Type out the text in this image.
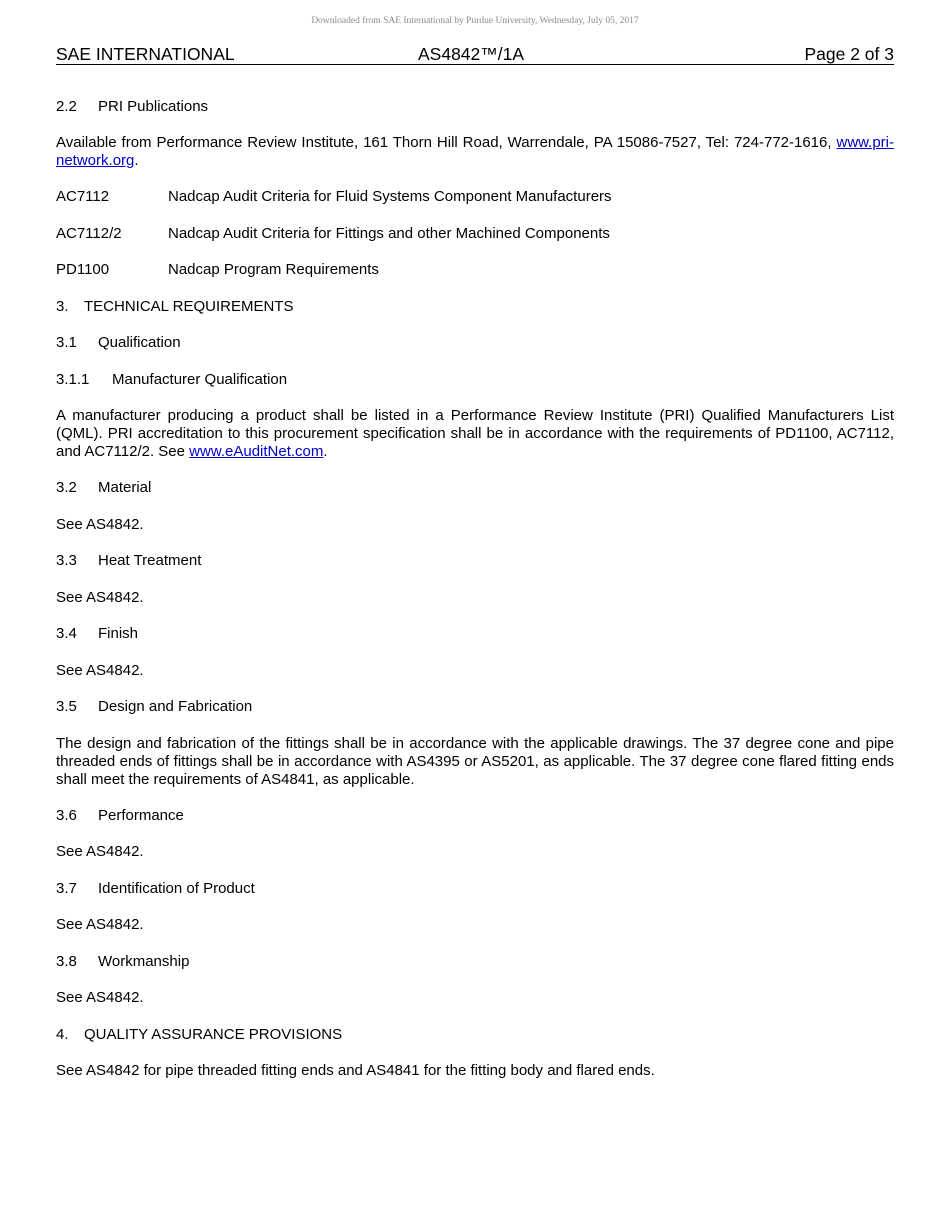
Downloaded from SAE International by Purdue University, Wednesday, July 05, 2017
SAE INTERNATIONAL	AS4842™/1A	Page 2 of 3
2.2 PRI Publications
Available from Performance Review Institute, 161 Thorn Hill Road, Warrendale, PA 15086-7527, Tel: 724-772-1616, www.pri-network.org.
AC7112	Nadcap Audit Criteria for Fluid Systems Component Manufacturers
AC7112/2	Nadcap Audit Criteria for Fittings and other Machined Components
PD1100	Nadcap Program Requirements
3. TECHNICAL REQUIREMENTS
3.1 Qualification
3.1.1 Manufacturer Qualification
A manufacturer producing a product shall be listed in a Performance Review Institute (PRI) Qualified Manufacturers List (QML). PRI accreditation to this procurement specification shall be in accordance with the requirements of PD1100, AC7112, and AC7112/2. See www.eAuditNet.com.
3.2 Material
See AS4842.
3.3 Heat Treatment
See AS4842.
3.4 Finish
See AS4842.
3.5 Design and Fabrication
The design and fabrication of the fittings shall be in accordance with the applicable drawings. The 37 degree cone and pipe threaded ends of fittings shall be in accordance with AS4395 or AS5201, as applicable. The 37 degree cone flared fitting ends shall meet the requirements of AS4841, as applicable.
3.6 Performance
See AS4842.
3.7 Identification of Product
See AS4842.
3.8 Workmanship
See AS4842.
4. QUALITY ASSURANCE PROVISIONS
See AS4842 for pipe threaded fitting ends and AS4841 for the fitting body and flared ends.
